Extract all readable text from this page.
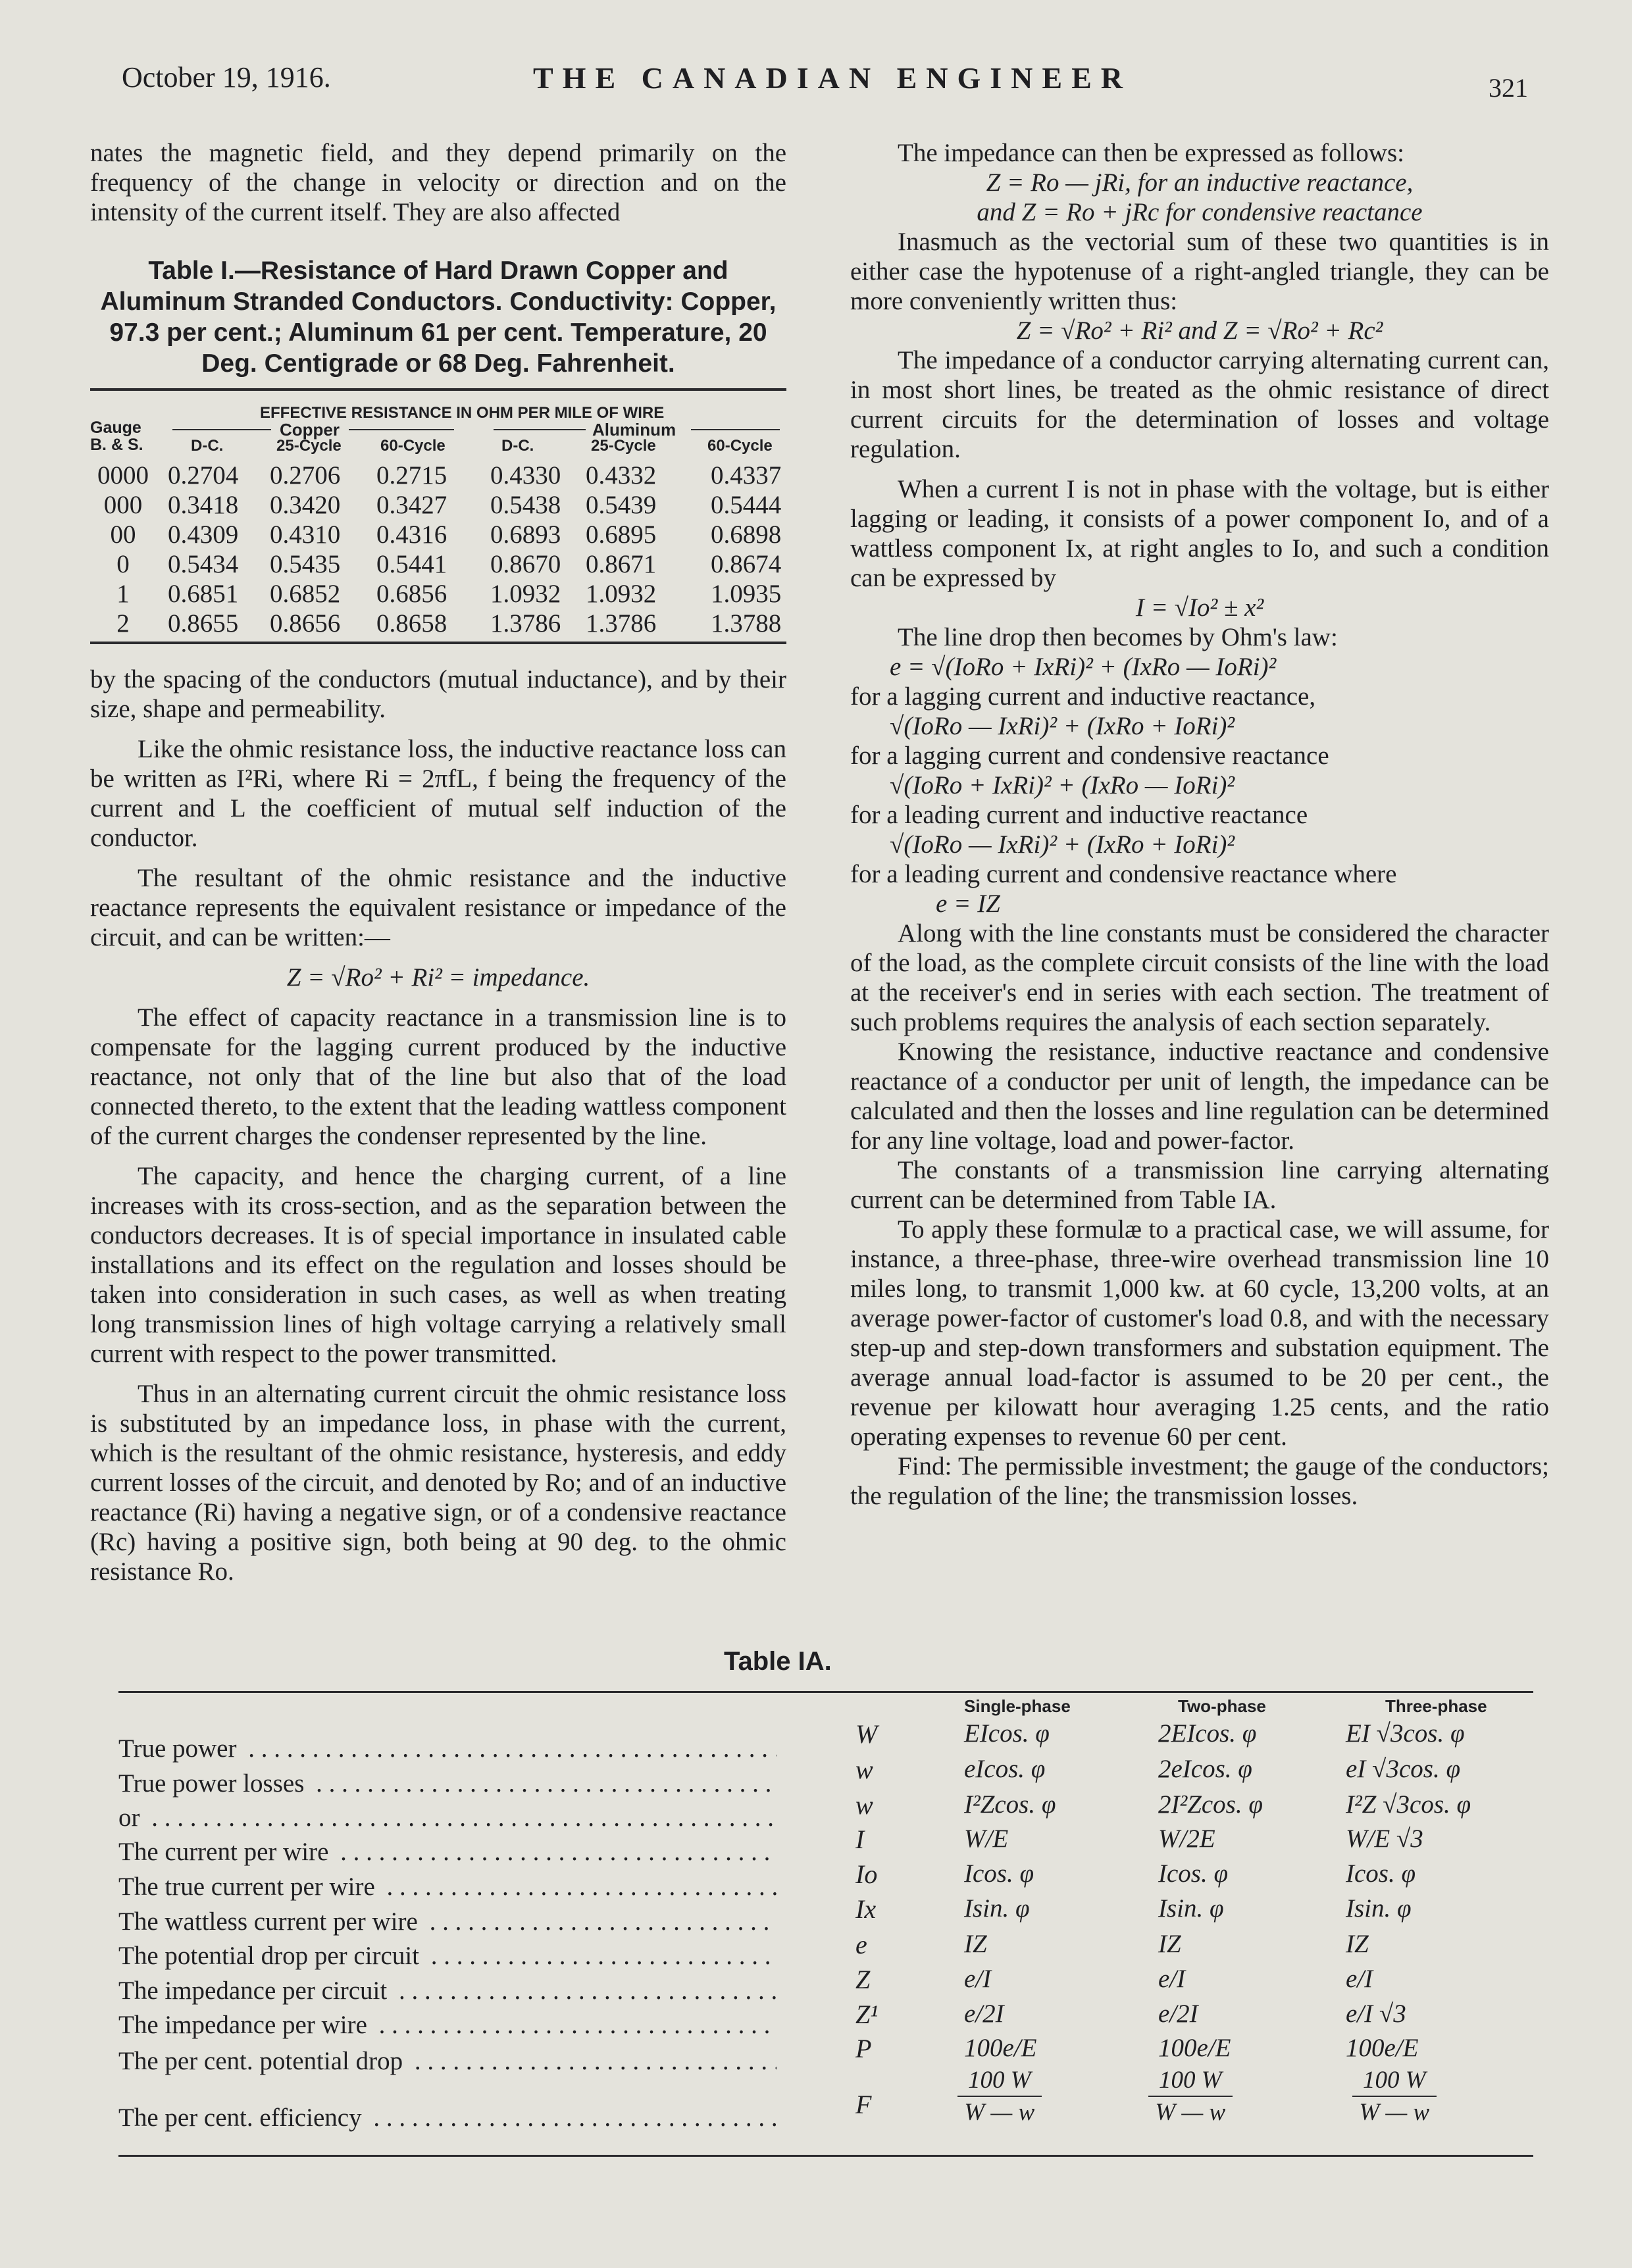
October 19, 1916.	THE CANADIAN ENGINEER	321

nates the magnetic field, and they depend primarily on the frequency of the change in velocity or direction and on the intensity of the current itself. They are also affected

Table I.—Resistance of Hard Drawn Copper and Aluminum Stranded Conductors. Conductivity: Copper, 97.3 per cent.; Aluminum 61 per cent. Temperature, 20 Deg. Centigrade or 68 Deg. Fahrenheit.
EFFECTIVE RESISTANCE IN OHM PER MILE OF WIRE
Gauge
B. & S.
Copper	Aluminum
D-C.	25-Cycle 60-Cycle	D-C.	25-Cycle	60-Cycle
0000 0.2704 0.2706 0.2715 0.4330 0.4332 0.4337
000 0.3418 0.3420 0.3427 0.5438 0.5439 0.5444
00	0.4309 0.4310 0.4316 0.6893 0.6895 0.6898
0	0.5434 0.5435 0.5441 0.8670 0.8671 0.8674
1	0.6851 0.6852 0.6856 1.0932 1.0932 1.0935
2	0.8655 0.8656 0.8658 1.3786 1.3786 1.3788

by the spacing of the conductors (mutual inductance), and by their size, shape and permeability.

Like the ohmic resistance loss, the inductive reactance loss can be written as I²Ri, where Ri = 2πfL, f being the frequency of the current and L the coefficient of mutual self induction of the conductor.

The resultant of the ohmic resistance and the inductive reactance represents the equivalent resistance or impedance of the circuit, and can be written:—

Z = √Ro² + Ri² = impedance.

The effect of capacity reactance in a transmission line is to compensate for the lagging current produced by the inductive reactance, not only that of the line but also that of the load connected thereto, to the extent that the leading wattless component of the current charges the condenser represented by the line.

The capacity, and hence the charging current, of a line increases with its cross-section, and as the separation between the conductors decreases. It is of special importance in insulated cable installations and its effect on the regulation and losses should be taken into consideration in such cases, as well as when treating long transmission lines of high voltage carrying a relatively small current with respect to the power transmitted.

Thus in an alternating current circuit the ohmic resistance loss is substituted by an impedance loss, in phase with the current, which is the resultant of the ohmic resistance, hysteresis, and eddy current losses of the circuit, and denoted by Ro; and of an inductive reactance (Ri) having a negative sign, or of a condensive reactance (Rc) having a positive sign, both being at 90 deg. to the ohmic resistance Ro.

The impedance can then be expressed as follows:

Z = Ro — jRi, for an inductive reactance,

and Z = Ro + jRc for condensive reactance

Inasmuch as the vectorial sum of these two quantities is in either case the hypotenuse of a right-angled triangle, they can be more conveniently written thus:

Z = √Ro² + Ri² and Z = √Ro² + Rc²

The impedance of a conductor carrying alternating current can, in most short lines, be treated as the ohmic resistance of direct current circuits for the determination of losses and voltage regulation.

When a current I is not in phase with the voltage, but is either lagging or leading, it consists of a power component Io, and of a wattless component Ix, at right angles to Io, and such a condition can be expressed by

I = √Io² ± x²

The line drop then becomes by Ohm's law:

e = √(IoRo + IxRi)² + (IxRo — IoRi)²

for a lagging current and inductive reactance,

√(IoRo — IxRi)² + (IxRo + IoRi)²

for a lagging current and condensive reactance

√(IoRo + IxRi)² + (IxRo — IoRi)²

for a leading current and inductive reactance

√(IoRo — IxRi)² + (IxRo + IoRi)²

for a leading current and condensive reactance where

e = IZ

Along with the line constants must be considered the character of the load, as the complete circuit consists of the line with the load at the receiver's end in series with each section. The treatment of such problems requires the analysis of each section separately.

Knowing the resistance, inductive reactance and condensive reactance of a conductor per unit of length, the impedance can be calculated and then the losses and line regulation can be determined for any line voltage, load and power-factor.

The constants of a transmission line carrying alternating current can be determined from Table IA.

To apply these formulæ to a practical case, we will assume, for instance, a three-phase, three-wire overhead transmission line 10 miles long, to transmit 1,000 kw. at 60 cycle, 13,200 volts, at an average power-factor of customer's load 0.8, and with the necessary step-up and step-down transformers and substation equipment. The average annual load-factor is assumed to be 20 per cent., the revenue per kilowatt hour averaging 1.25 cents, and the ratio operating expenses to revenue 60 per cent.

Find: The permissible investment; the gauge of the conductors; the regulation of the line; the transmission losses.

Table IA.
Single-phase	Two-phase	Three-phase
True power . . .	W	EIcos. φ	2EIcos. φ	EI √3cos. φ
True power losses . . .	w	eIcos. φ	2eIcos. φ	eI √3cos. φ
or . . .	w	I²Zcos. φ	2I²Zcos. φ	I²Z √3cos. φ
The current per wire . . .	I	W/E	W/2E	W/E √3
The true current per wire . . .	Io	Icos. φ	Icos. φ	Icos. φ
The wattless current per wire . . .	Ix	Isin. φ	Isin. φ	Isin. φ
The potential drop per circuit . . .	e	IZ	IZ	IZ
The impedance per circuit . . .	Z	e/I	e/I	e/I
The impedance per wire . . .	Z¹	e/2I	e/2I	e/I √3
The per cent. potential drop . . .	P	100e/E	100e/E	100e/E
The per cent. efficiency . . .	F	$\frac{100 W}{W — w}$	$\frac{100 W}{W — w}$	$\frac{100 W}{W — w}$
